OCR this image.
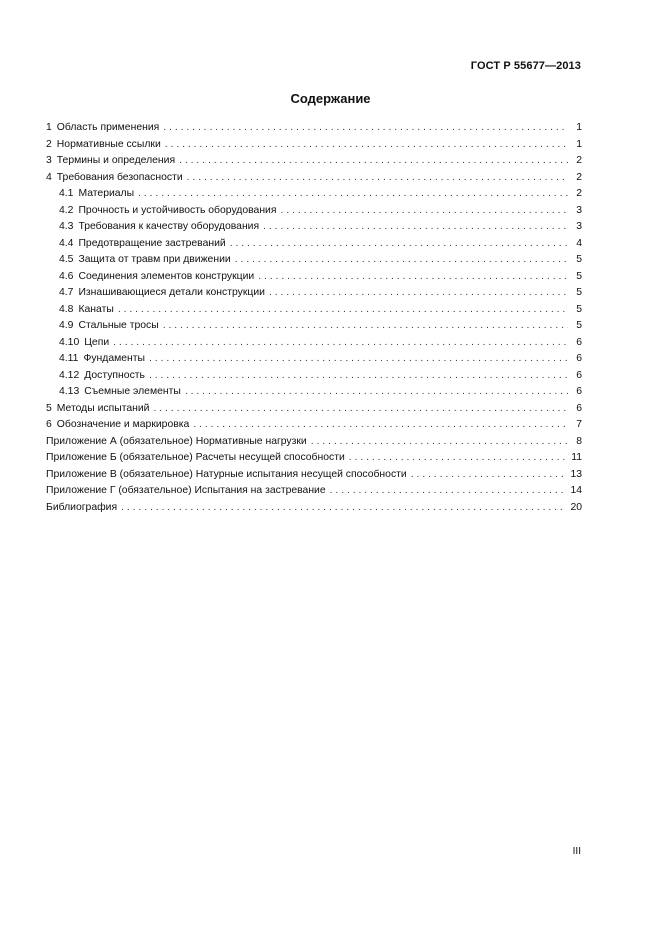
ГОСТ Р 55677—2013
Содержание
1 Область применения . . .	1
2 Нормативные ссылки . . .	1
3 Термины и определения . . .	2
4 Требования безопасности . . .	2
4.1 Материалы . . .	2
4.2 Прочность и устойчивость оборудования . . .	3
4.3 Требования к качеству оборудования . . .	3
4.4 Предотвращение застреваний . . .	4
4.5 Защита от травм при движении . . .	5
4.6 Соединения элементов конструкции . . .	5
4.7 Изнашивающиеся детали конструкции . . .	5
4.8 Канаты . . .	5
4.9 Стальные тросы . . .	5
4.10 Цепи . . .	6
4.11 Фундаменты . . .	6
4.12 Доступность . . .	6
4.13 Съемные элементы . . .	6
5 Методы испытаний . . .	6
6 Обозначение и маркировка . . .	7
Приложение А (обязательное) Нормативные нагрузки . . .	8
Приложение Б (обязательное) Расчеты несущей способности . . .	11
Приложение В (обязательное) Натурные испытания несущей способности . . .	13
Приложение Г (обязательное) Испытания на застревание . . .	14
Библиография . . .	20
III
